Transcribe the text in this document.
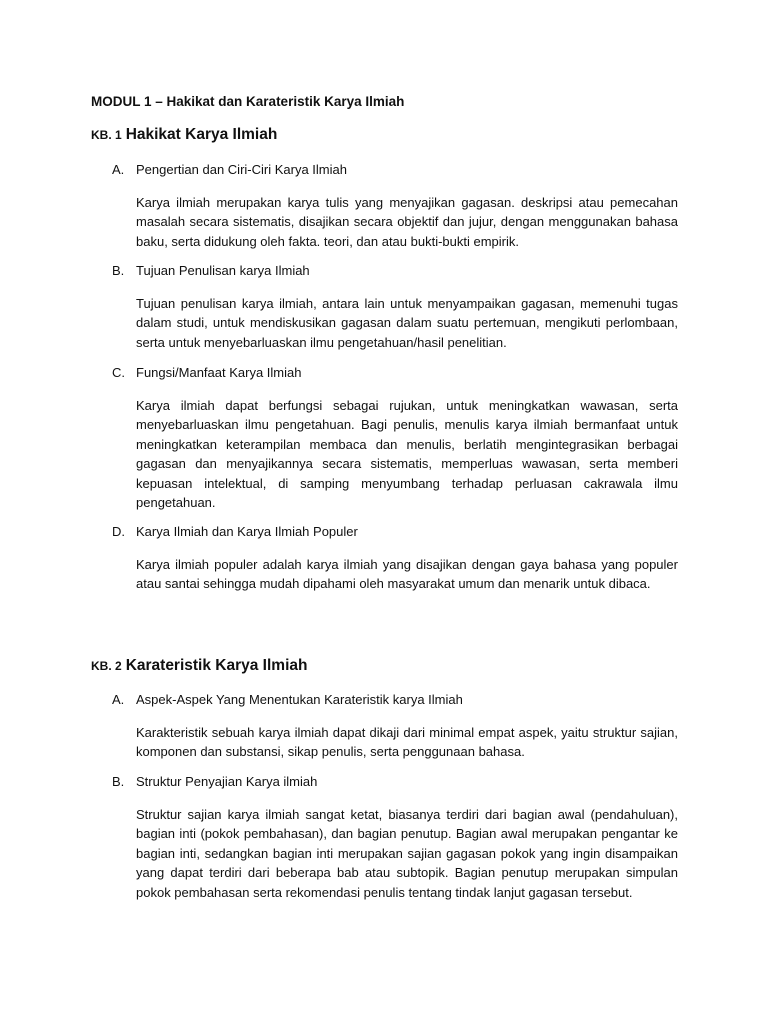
MODUL 1 – Hakikat dan Karateristik Karya Ilmiah
KB. 1 Hakikat Karya Ilmiah
A. Pengertian dan Ciri-Ciri Karya Ilmiah
Karya ilmiah merupakan karya tulis yang menyajikan gagasan. deskripsi atau pemecahan masalah secara sistematis, disajikan secara objektif dan jujur, dengan menggunakan bahasa baku, serta didukung oleh fakta. teori, dan atau bukti-bukti empirik.
B. Tujuan Penulisan karya Ilmiah
Tujuan penulisan karya ilmiah, antara lain untuk menyampaikan gagasan, memenuhi tugas dalam studi, untuk mendiskusikan gagasan dalam suatu pertemuan, mengikuti perlombaan, serta untuk menyebarluaskan ilmu pengetahuan/hasil penelitian.
C. Fungsi/Manfaat Karya Ilmiah
Karya ilmiah dapat berfungsi sebagai rujukan, untuk meningkatkan wawasan, serta menyebarluaskan ilmu pengetahuan. Bagi penulis, menulis karya ilmiah bermanfaat untuk meningkatkan keterampilan membaca dan menulis, berlatih mengintegrasikan berbagai gagasan dan menyajikannya secara sistematis, memperluas wawasan, serta memberi kepuasan intelektual, di samping menyumbang terhadap perluasan cakrawala ilmu pengetahuan.
D. Karya Ilmiah dan Karya Ilmiah Populer
Karya ilmiah populer adalah karya ilmiah yang disajikan dengan gaya bahasa yang populer atau santai sehingga mudah dipahami oleh masyarakat umum dan menarik untuk dibaca.
KB. 2 Karateristik Karya Ilmiah
A. Aspek-Aspek Yang Menentukan Karateristik karya Ilmiah
Karakteristik sebuah karya ilmiah dapat dikaji dari minimal empat aspek, yaitu struktur sajian, komponen dan substansi, sikap penulis, serta penggunaan bahasa.
B. Struktur Penyajian Karya ilmiah
Struktur sajian karya ilmiah sangat ketat, biasanya terdiri dari bagian awal (pendahuluan), bagian inti (pokok pembahasan), dan bagian penutup. Bagian awal merupakan pengantar ke bagian inti, sedangkan bagian inti merupakan sajian gagasan pokok yang ingin disampaikan yang dapat terdiri dari beberapa bab atau subtopik. Bagian penutup merupakan simpulan pokok pembahasan serta rekomendasi penulis tentang tindak lanjut gagasan tersebut.
